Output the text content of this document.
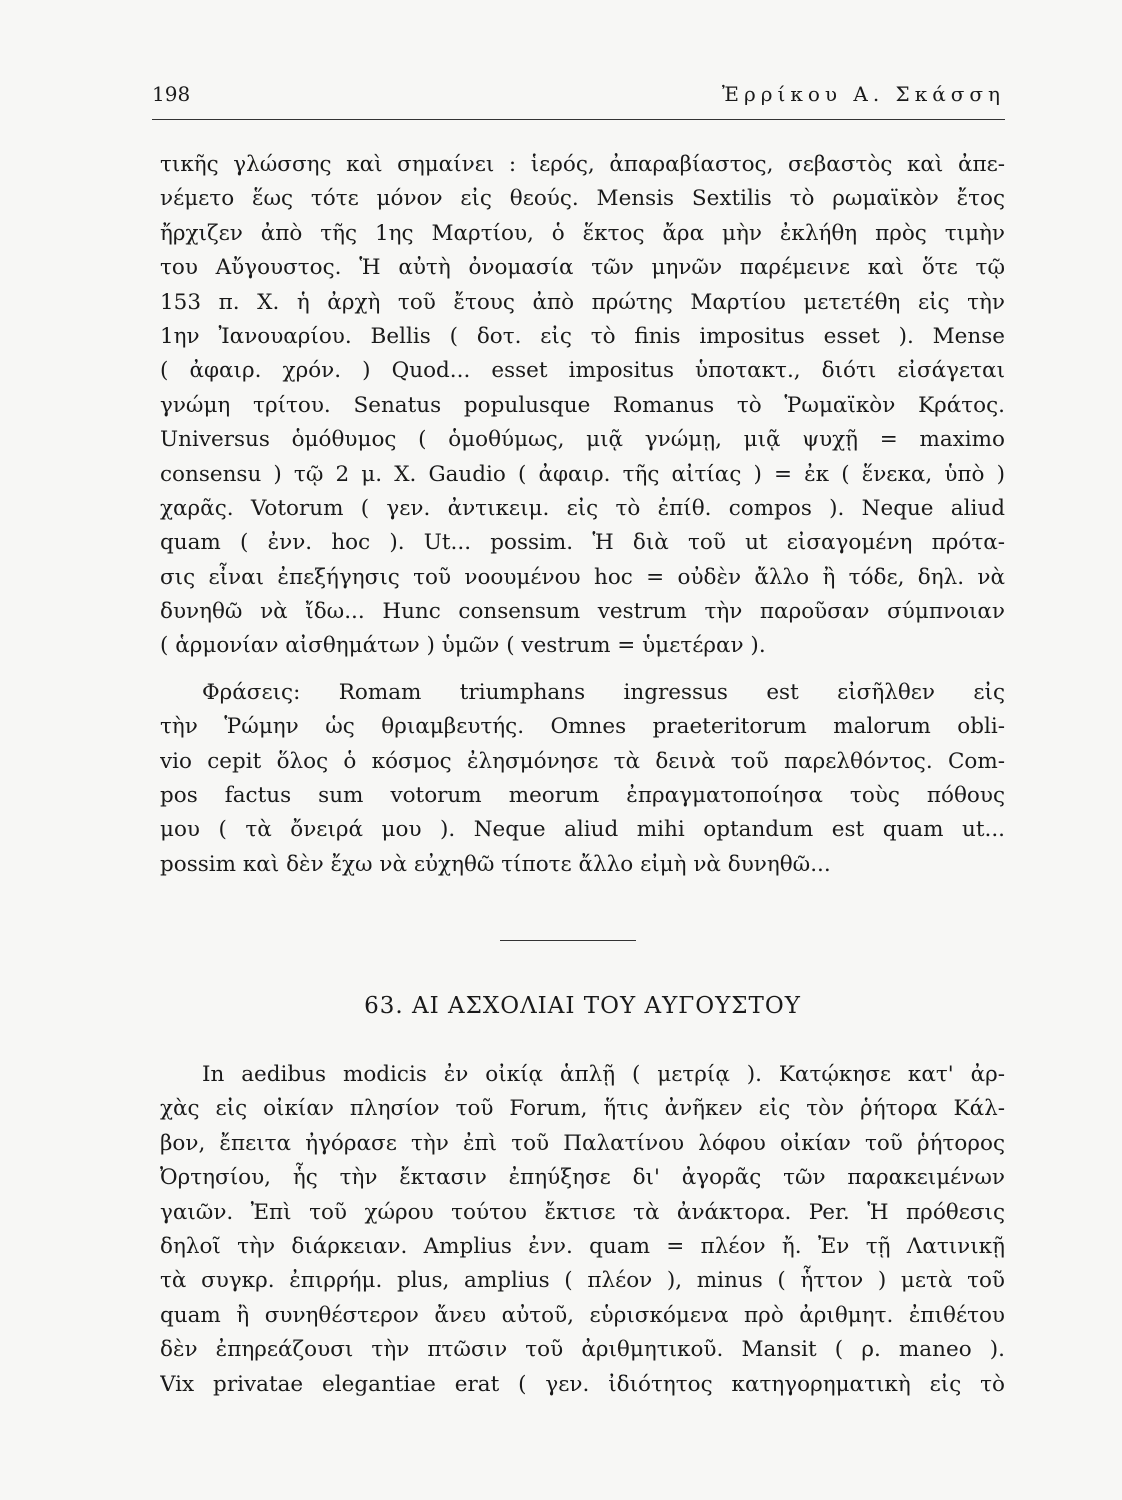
198	Ἐρρίκου Α. Σκάσση
τικῆς γλώσσης καὶ σημαίνει : ἱερός, ἀπαραβίαστος, σεβαστὸς καὶ ἀπε-
νέμετο ἕως τότε μόνον εἰς θεούς. Mensis Sextilis τὸ ρωμαϊκὸν ἔτος
ἤρχιζεν ἀπὸ τῆς 1ης Μαρτίου, ὁ ἕκτος ἄρα μὴν ἐκλήθη πρὸς τιμὴν
του Αὔγουστος. Ἡ αὐτὴ ὀνομασία τῶν μηνῶν παρέμεινε καὶ ὅτε τῷ
153 π. Χ. ἡ ἀρχὴ τοῦ ἔτους ἀπὸ πρώτης Μαρτίου μετετέθη εἰς τὴν
1ην Ἰανουαρίου. Bellis ( δοτ. εἰς τὸ finis impositus esset ). Mense
( ἀφαιρ. χρόν. ) Quod... esset impositus ὑποτακτ., διότι εἰσάγεται
γνώμη τρίτου. Senatus populusque Romanus τὸ Ῥωμαϊκὸν Κράτος.
Universus ὁμόθυμος ( ὁμοθύμως, μιᾷ γνώμῃ, μιᾷ ψυχῇ = maximo
consensu ) τῷ 2 μ. Χ. Gaudio ( ἀφαιρ. τῆς αἰτίας ) = ἐκ ( ἕνεκα, ὑπὸ )
χαρᾶς. Votorum ( γεν. ἀντικειμ. εἰς τὸ ἐπίθ. compos ). Neque aliud
quam ( ἐνν. hoc ). Ut... possim. Ἡ διὰ τοῦ ut εἰσαγομένη πρότα-
σις εἶναι ἐπεξήγησις τοῦ νοουμένου hoc = οὐδὲν ἄλλο ἢ τόδε, δηλ. νὰ
δυνηθῶ νὰ ἴδω... Hunc consensum vestrum τὴν παροῦσαν σύμπνοιαν
( ἁρμονίαν αἰσθημάτων ) ὑμῶν ( vestrum = ὑμετέραν ).
Φράσεις: Romam triumphans ingressus est εἰσῆλθεν εἰς
τὴν Ῥώμην ὡς θριαμβευτής. Omnes praeteritorum malorum obli-
vio cepit ὅλος ὁ κόσμος ἐλησμόνησε τὰ δεινὰ τοῦ παρελθόντος. Com-
pos factus sum votorum meorum ἐπραγματοποίησα τοὺς πόθους
μου ( τὰ ὄνειρά μου ). Neque aliud mihi optandum est quam ut...
possim καὶ δὲν ἔχω νὰ εὐχηθῶ τίποτε ἄλλο εἰμὴ νὰ δυνηθῶ...
63. ΑΙ ΑΣΧΟΛΙΑΙ ΤΟΥ ΑΥΓΟΥΣΤΟΥ
In aedibus modicis ἐν οἰκίᾳ ἁπλῇ ( μετρίᾳ ). Κατῴκησε κατ' ἀρ-
χὰς εἰς οἰκίαν πλησίον τοῦ Forum, ἥτις ἀνῆκεν εἰς τὸν ῥήτορα Κάλ-
βον, ἔπειτα ἠγόρασε τὴν ἐπὶ τοῦ Παλατίνου λόφου οἰκίαν τοῦ ῥήτορος
Ὀρτησίου, ἧς τὴν ἔκτασιν ἐπηύξησε δι' ἀγορᾶς τῶν παρακειμένων
γαιῶν. Ἐπὶ τοῦ χώρου τούτου ἔκτισε τὰ ἀνάκτορα. Per. Ἡ πρόθεσις
δηλοῖ τὴν διάρκειαν. Amplius ἐνν. quam = πλέον ἤ. Ἐν τῇ Λατινικῇ
τὰ συγκρ. ἐπιρρήμ. plus, amplius ( πλέον ), minus ( ἧττον ) μετὰ τοῦ
quam ἢ συνηθέστερον ἄνευ αὐτοῦ, εὑρισκόμενα πρὸ ἀριθμητ. ἐπιθέτου
δὲν ἐπηρεάζουσι τὴν πτῶσιν τοῦ ἀριθμητικοῦ. Mansit ( ρ. maneo ).
Vix privatae elegantiae erat ( γεν. ἰδιότητος κατηγορηματικὴ εἰς τὸ
